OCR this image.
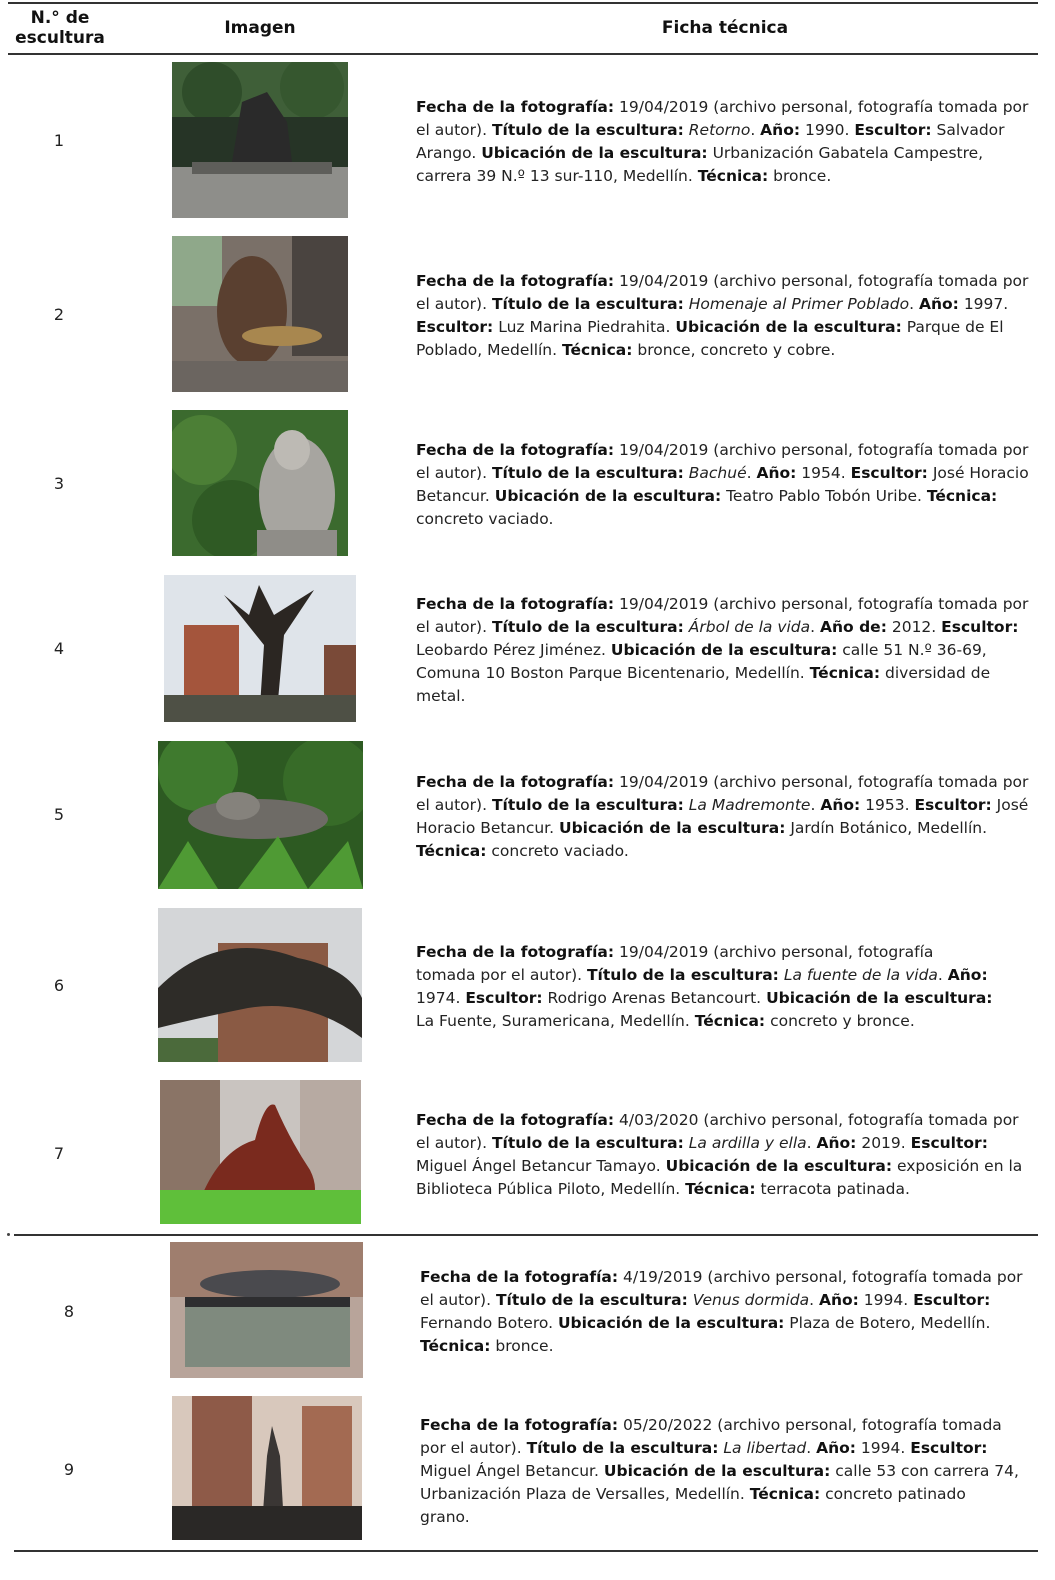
N.° de escultura	Imagen	Ficha técnica
1
Fecha de la fotografía: 19/04/2019 (archivo personal, fotografía tomada por el autor). Título de la escultura: Retorno. Año: 1990. Escultor: Salvador Arango. Ubicación de la escultura: Urbanización Gabatela Campestre, carrera 39 N.º 13 sur-110, Medellín. Técnica: bronce.
2
Fecha de la fotografía: 19/04/2019 (archivo personal, fotografía tomada por el autor). Título de la escultura: Homenaje al Primer Poblado. Año: 1997. Escultor: Luz Marina Piedrahita. Ubicación de la escultura: Parque de El Poblado, Medellín. Técnica: bronce, concreto y cobre.
3
Fecha de la fotografía: 19/04/2019 (archivo personal, fotografía tomada por el autor). Título de la escultura: Bachué. Año: 1954. Escultor: José Horacio Betancur. Ubicación de la escultura: Teatro Pablo Tobón Uribe. Técnica: concreto vaciado.
4
Fecha de la fotografía: 19/04/2019 (archivo personal, fotografía tomada por el autor). Título de la escultura: Árbol de la vida. Año de: 2012. Escultor: Leobardo Pérez Jiménez. Ubicación de la escultura: calle 51 N.º 36-69, Comuna 10 Boston Parque Bicentenario, Medellín. Técnica: diversidad de metal.
5
Fecha de la fotografía: 19/04/2019 (archivo personal, fotografía tomada por el autor). Título de la escultura: La Madremonte. Año: 1953. Escultor: José Horacio Betancur. Ubicación de la escultura: Jardín Botánico, Medellín. Técnica: concreto vaciado.
6
Fecha de la fotografía: 19/04/2019 (archivo personal, fotografía tomada por el autor). Título de la escultura: La fuente de la vida. Año: 1974. Escultor: Rodrigo Arenas Betancourt. Ubicación de la escultura: La Fuente, Suramericana, Medellín. Técnica: concreto y bronce.
7
Fecha de la fotografía: 4/03/2020 (archivo personal, fotografía tomada por el autor). Título de la escultura: La ardilla y ella. Año: 2019. Escultor: Miguel Ángel Betancur Tamayo. Ubicación de la escultura: exposición en la Biblioteca Pública Piloto, Medellín. Técnica: terracota patinada.
8
Fecha de la fotografía: 4/19/2019 (archivo personal, fotografía tomada por el autor). Título de la escultura: Venus dormida. Año: 1994. Escultor: Fernando Botero. Ubicación de la escultura: Plaza de Botero, Medellín. Técnica: bronce.
9
Fecha de la fotografía: 05/20/2022 (archivo personal, fotografía tomada por el autor). Título de la escultura: La libertad. Año: 1994. Escultor: Miguel Ángel Betancur. Ubicación de la escultura: calle 53 con carrera 74, Urbanización Plaza de Versalles, Medellín. Técnica: concreto patinado grano.
